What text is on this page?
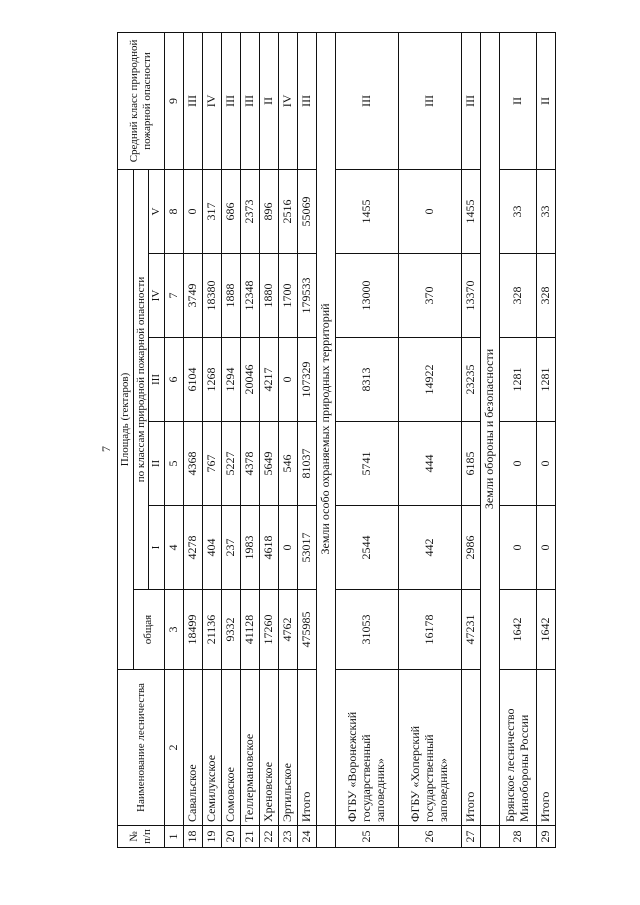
7
№
п/п	Наименование лесничества	Площадь (гектаров)						Средний класс природной пожарной опасности
		общая	по классам природной пожарной опасности					
			I	II	III	IV	V	
1	2	3	4	5	6	7	8	9
18	Савальское	18499	4278	4368	6104	3749	0	III
19	Семилукское	21136	404	767	1268	18380	317	IV
20	Сомовское	9332	237	5227	1294	1888	686	III
21	Теллермановское	41128	1983	4378	20046	12348	2373	III
22	Хреновское	17260	4618	5649	4217	1880	896	II
23	Эртильское	4762	0	546	0	1700	2516	IV
24	Итого	475985	53017	81037	107329	179533	55069	III
	Земли особо охраняемых природных территорий							
25	ФГБУ «Воронежский государственный заповедник»	31053	2544	5741	8313	13000	1455	III
26	ФГБУ «Хоперский государственный заповедник»	16178	442	444	14922	370	0	III
27	Итого	47231	2986	6185	23235	13370	1455	III
	Земли обороны и безопасности							
28	Брянское лесничество Минобороны России	1642	0	0	1281	328	33	II
29	Итого	1642	0	0	1281	328	33	II
